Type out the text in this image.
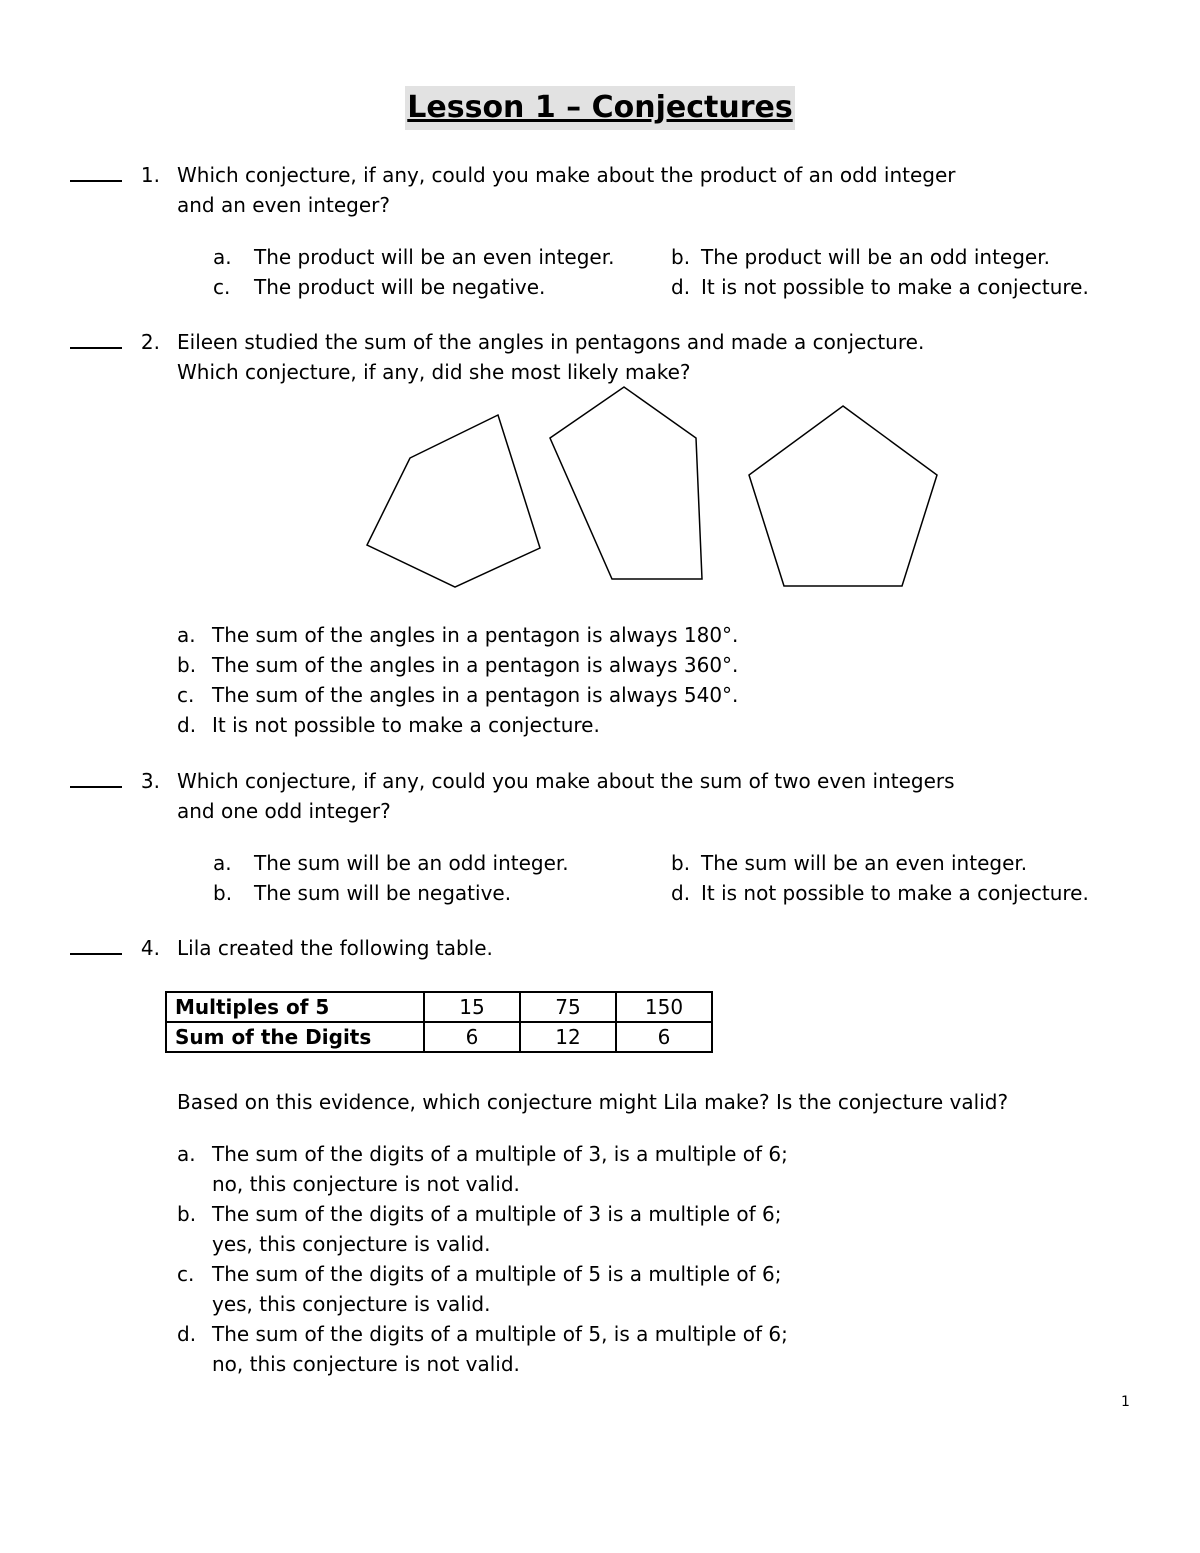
Lesson 1 – Conjectures
1. Which conjecture, if any, could you make about the product of an odd integer
and an even integer?
a.	The product will be an even integer.	b. The product will be an odd integer.
c.	The product will be negative.	d. It is not possible to make a conjecture.
2. Eileen studied the sum of the angles in pentagons and made a conjecture.
Which conjecture, if any, did she most likely make?
a. The sum of the angles in a pentagon is always 180°.
b. The sum of the angles in a pentagon is always 360°.
c. The sum of the angles in a pentagon is always 540°.
d. It is not possible to make a conjecture.
3. Which conjecture, if any, could you make about the sum of two even integers
and one odd integer?
a.	The sum will be an odd integer.	b. The sum will be an even integer.
b.	The sum will be negative.	d. It is not possible to make a conjecture.
4. Lila created the following table.
Multiples of 5	15	75	150
Sum of the Digits	6	12	6
Based on this evidence, which conjecture might Lila make? Is the conjecture valid?
a. The sum of the digits of a multiple of 3, is a multiple of 6;
no, this conjecture is not valid.
b. The sum of the digits of a multiple of 3 is a multiple of 6;
yes, this conjecture is valid.
c. The sum of the digits of a multiple of 5 is a multiple of 6;
yes, this conjecture is valid.
d. The sum of the digits of a multiple of 5, is a multiple of 6;
no, this conjecture is not valid.
1
